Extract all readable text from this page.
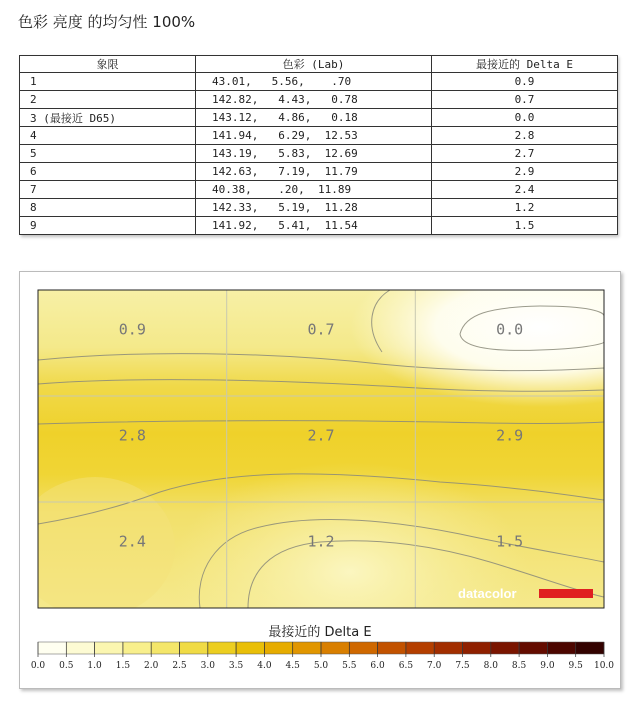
色彩 亮度 的均匀性 100%
象限	色彩 (Lab)	最接近的 Delta E
1	43.01,   5.56,    .70	0.9
2	142.82,   4.43,   0.78	0.7
3 (最接近 D65)	143.12,   4.86,   0.18	0.0
4	141.94,   6.29,  12.53	2.8
5	143.19,   5.83,  12.69	2.7
6	142.63,   7.19,  11.79	2.9
7	40.38,    .20,  11.89	2.4
8	142.33,   5.19,  11.28	1.2
9	141.92,   5.41,  11.54	1.5
0.9	0.7	0.0
2.8	2.7	2.9
2.4	1.2	1.5
datacolor
最接近的 Delta E
0.0 0.5 1.0 1.5 2.0 2.5 3.0 3.5 4.0 4.5 5.0 5.5 6.0 6.5 7.0 7.5 8.0 8.5 9.0 9.5 10.0
